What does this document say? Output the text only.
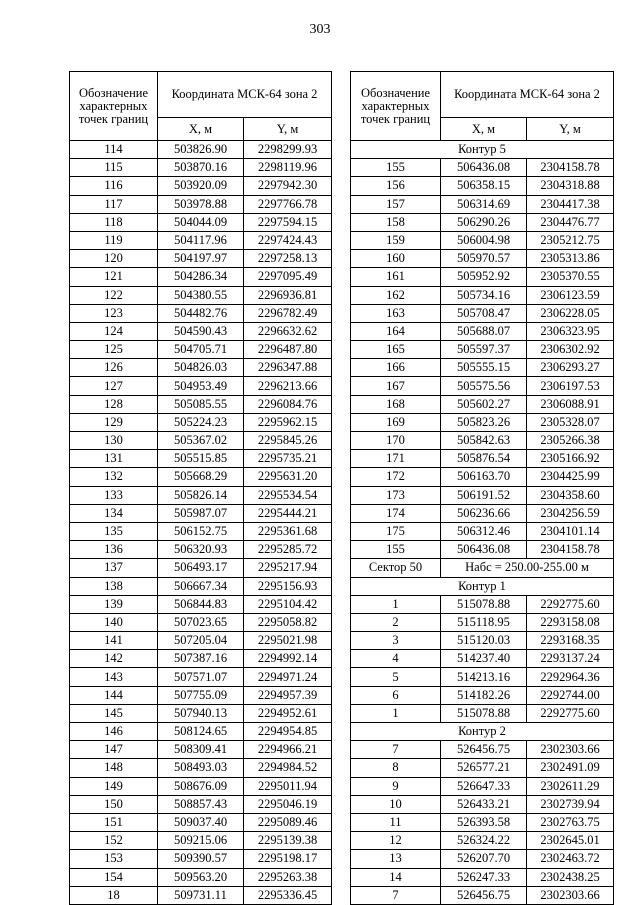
303
Обозначение характерных точек границ	Координата МСК-64 зона 2	
	X, м	Y, м
114	503826.90	2298299.93
115	503870.16	2298119.96
116	503920.09	2297942.30
117	503978.88	2297766.78
118	504044.09	2297594.15
119	504117.96	2297424.43
120	504197.97	2297258.13
121	504286.34	2297095.49
122	504380.55	2296936.81
123	504482.76	2296782.49
124	504590.43	2296632.62
125	504705.71	2296487.80
126	504826.03	2296347.88
127	504953.49	2296213.66
128	505085.55	2296084.76
129	505224.23	2295962.15
130	505367.02	2295845.26
131	505515.85	2295735.21
132	505668.29	2295631.20
133	505826.14	2295534.54
134	505987.07	2295444.21
135	506152.75	2295361.68
136	506320.93	2295285.72
137	506493.17	2295217.94
138	506667.34	2295156.93
139	506844.83	2295104.42
140	507023.65	2295058.82
141	507205.04	2295021.98
142	507387.16	2294992.14
143	507571.07	2294971.24
144	507755.09	2294957.39
145	507940.13	2294952.61
146	508124.65	2294954.85
147	508309.41	2294966.21
148	508493.03	2294984.52
149	508676.09	2295011.94
150	508857.43	2295046.19
151	509037.40	2295089.46
152	509215.06	2295139.38
153	509390.57	2295198.17
154	509563.20	2295263.38
18	509731.11	2295336.45
Обозначение характерных точек границ	Координата МСК-64 зона 2	
	X, м	Y, м
Контур 5		
155	506436.08	2304158.78
156	506358.15	2304318.88
157	506314.69	2304417.38
158	506290.26	2304476.77
159	506004.98	2305212.75
160	505970.57	2305313.86
161	505952.92	2305370.55
162	505734.16	2306123.59
163	505708.47	2306228.05
164	505688.07	2306323.95
165	505597.37	2306302.92
166	505555.15	2306293.27
167	505575.56	2306197.53
168	505602.27	2306088.91
169	505823.26	2305328.07
170	505842.63	2305266.38
171	505876.54	2305166.92
172	506163.70	2304425.99
173	506191.52	2304358.60
174	506236.66	2304256.59
175	506312.46	2304101.14
155	506436.08	2304158.78
Сектор 50	Набс = 250.00-255.00 м	
Контур 1		
1	515078.88	2292775.60
2	515118.95	2293158.08
3	515120.03	2293168.35
4	514237.40	2293137.24
5	514213.16	2292964.36
6	514182.26	2292744.00
1	515078.88	2292775.60
Контур 2		
7	526456.75	2302303.66
8	526577.21	2302491.09
9	526647.33	2302611.29
10	526433.21	2302739.94
11	526393.58	2302763.75
12	526324.22	2302645.01
13	526207.70	2302463.72
14	526247.33	2302438.25
7	526456.75	2302303.66
